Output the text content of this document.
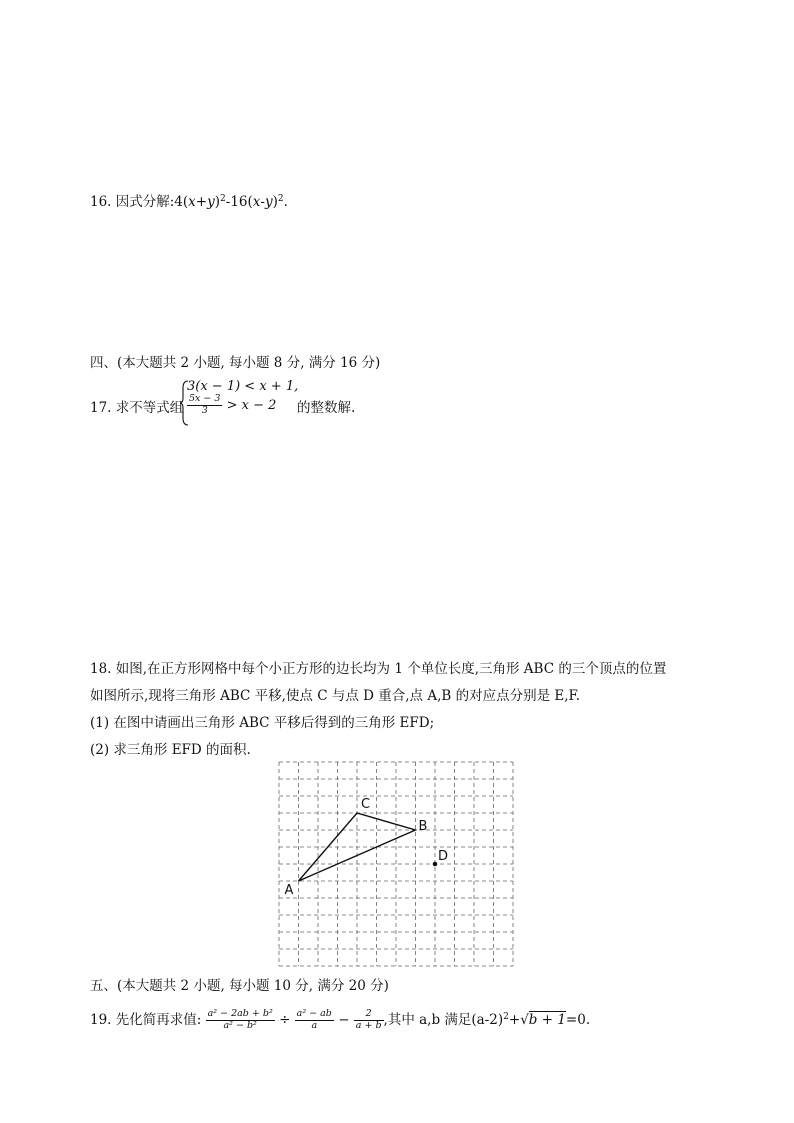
16. 因式分解$:4(x+y)^2-16(x-y)^2$.
四、(本大题共 2 小题, 每小题 8 分, 满分 16 分)
17. 求不等式组
3(x − 1) < x + 1,
$\frac{5x - 3}{3} > x - 2$ 的整数解.
18. 如图,在正方形网格中每个小正方形的边长均为 1 个单位长度,三角形 ABC 的三个顶点的位置
如图所示,现将三角形 ABC 平移,使点 C 与点 D 重合,点 A,B 的对应点分别是 E,F.
(1) 在图中请画出三角形 ABC 平移后得到的三角形 EFD;
(2) 求三角形 EFD 的面积.
A
C
B
D
五、(本大题共 2 小题, 每小题 10 分, 满分 20 分)
19. 先化简再求值: $\frac{\text{a² − 2ab + b²}}{\text{a² − b²}} \div \frac{\text{a² − ab}}{a} - \frac{2}{a + b}$ ,其中 a,b 满足$(a-2)^2+√b + 1=0$.
